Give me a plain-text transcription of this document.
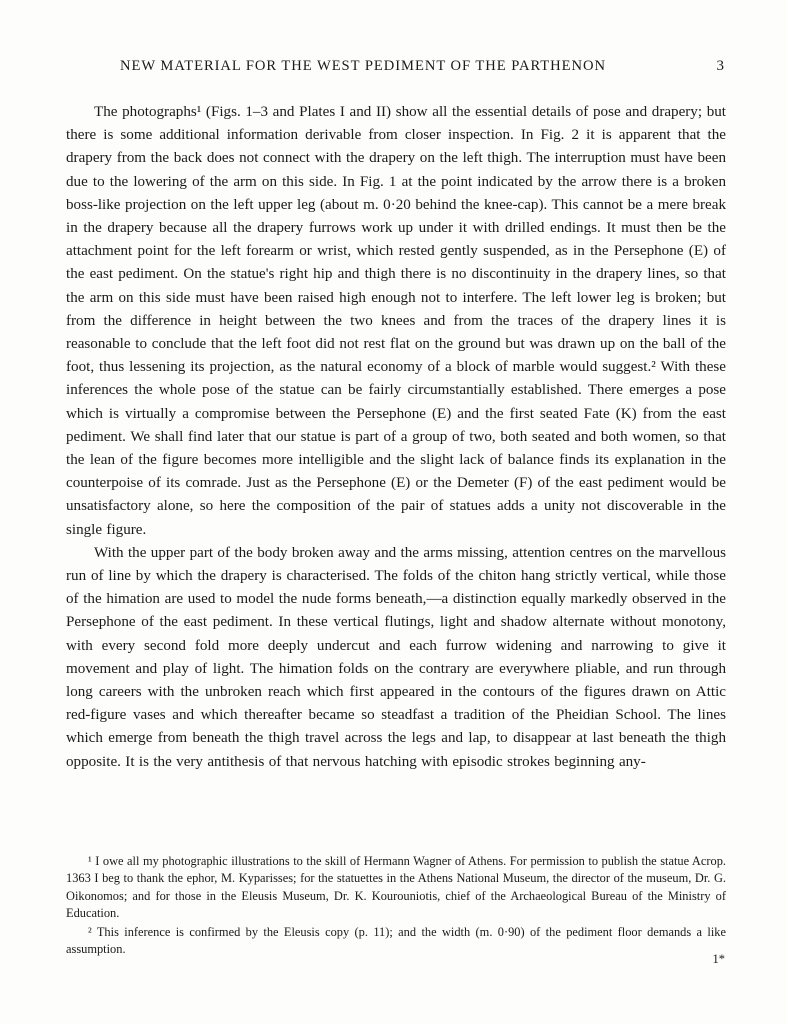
NEW MATERIAL FOR THE WEST PEDIMENT OF THE PARTHENON	3

The photographs¹ (Figs. 1–3 and Plates I and II) show all the essential details of pose and drapery; but there is some additional information derivable from closer inspection. In Fig. 2 it is apparent that the drapery from the back does not connect with the drapery on the left thigh. The interruption must have been due to the lowering of the arm on this side. In Fig. 1 at the point indicated by the arrow there is a broken boss-like projection on the left upper leg (about m. 0·20 behind the knee-cap). This cannot be a mere break in the drapery because all the drapery furrows work up under it with drilled endings. It must then be the attachment point for the left forearm or wrist, which rested gently suspended, as in the Persephone (E) of the east pediment. On the statue's right hip and thigh there is no discontinuity in the drapery lines, so that the arm on this side must have been raised high enough not to interfere. The left lower leg is broken; but from the difference in height between the two knees and from the traces of the drapery lines it is reasonable to conclude that the left foot did not rest flat on the ground but was drawn up on the ball of the foot, thus lessening its projection, as the natural economy of a block of marble would suggest.² With these inferences the whole pose of the statue can be fairly circumstantially established. There emerges a pose which is virtually a compromise between the Persephone (E) and the first seated Fate (K) from the east pediment. We shall find later that our statue is part of a group of two, both seated and both women, so that the lean of the figure becomes more intelligible and the slight lack of balance finds its explanation in the counterpoise of its comrade. Just as the Persephone (E) or the Demeter (F) of the east pediment would be unsatisfactory alone, so here the composition of the pair of statues adds a unity not discoverable in the single figure.

With the upper part of the body broken away and the arms missing, attention centres on the marvellous run of line by which the drapery is characterised. The folds of the chiton hang strictly vertical, while those of the himation are used to model the nude forms beneath,—a distinction equally markedly observed in the Persephone of the east pediment. In these vertical flutings, light and shadow alternate without monotony, with every second fold more deeply undercut and each furrow widening and narrowing to give it movement and play of light. The himation folds on the contrary are everywhere pliable, and run through long careers with the unbroken reach which first appeared in the contours of the figures drawn on Attic red-figure vases and which thereafter became so steadfast a tradition of the Pheidian School. The lines which emerge from beneath the thigh travel across the legs and lap, to disappear at last beneath the thigh opposite. It is the very antithesis of that nervous hatching with episodic strokes beginning any-

¹ I owe all my photographic illustrations to the skill of Hermann Wagner of Athens. For permission to publish the statue Acrop. 1363 I beg to thank the ephor, M. Kyparisses; for the statuettes in the Athens National Museum, the director of the museum, Dr. G. Oikonomos; and for those in the Eleusis Museum, Dr. K. Kourouniotis, chief of the Archaeological Bureau of the Ministry of Education.

² This inference is confirmed by the Eleusis copy (p. 11); and the width (m. 0·90) of the pediment floor demands a like assumption.

1*
